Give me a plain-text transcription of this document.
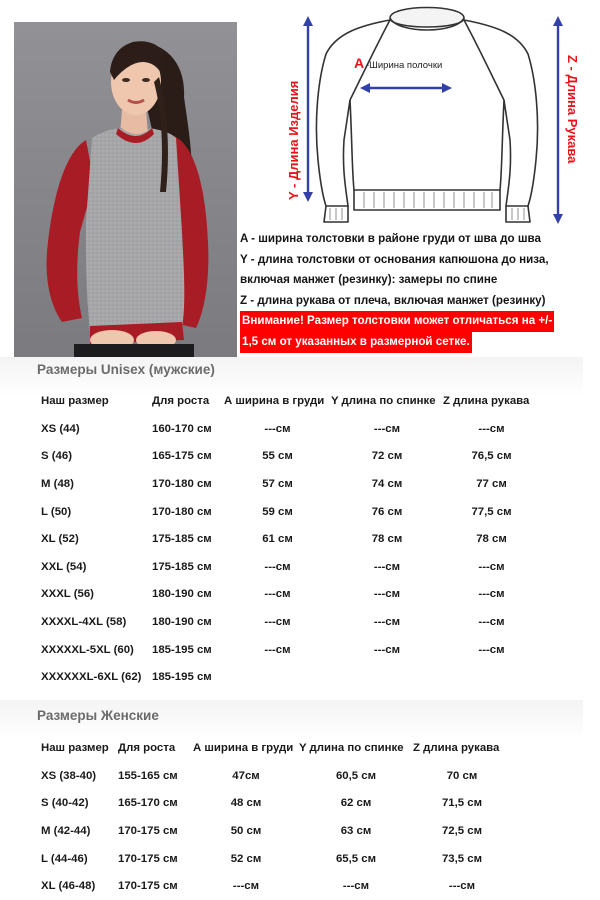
A -Ширина полочки
Y - Длина Изделия	Z - Длина Рукава
A - ширина толстовки в районе груди от шва до шва
Y - длина толстовки от основания капюшона до низа,
включая манжет (резинку): замеры по спине
Z - длина рукава от плеча, включая манжет (резинку)
Внимание! Размер толстовки может отличаться на +/-
1,5 см от указанных в размерной сетке.
Размеры Unisex (мужские)
Наш размер	Для роста	А ширина в груди	Y длина по спинке	Z длина рукава
XS (44)	160-170 см	---см	---см	---см
S (46)	165-175 см	55 см	72 см	76,5 см
M (48)	170-180 см	57 см	74 см	77 см
L (50)	170-180 см	59 см	76 см	77,5 см
XL (52)	175-185 см	61 см	78 см	78 см
XXL (54)	175-185 см	---см	---см	---см
XXXL (56)	180-190 см	---см	---см	---см
XXXXL-4XL (58)	180-190 см	---см	---см	---см
XXXXXL-5XL (60)	185-195 см	---см	---см	---см
XXXXXXL-6XL (62)	185-195 см			
Размеры Женские
Наш размер	Для роста	А ширина в груди	Y длина по спинке	Z длина рукава
XS (38-40)	155-165 см	47см	60,5 см	70 см
S (40-42)	165-170 см	48 см	62 см	71,5 см
M (42-44)	170-175 см	50 см	63 см	72,5 см
L (44-46)	170-175 см	52 см	65,5 см	73,5 см
XL (46-48)	170-175 см	---см	---см	---см
